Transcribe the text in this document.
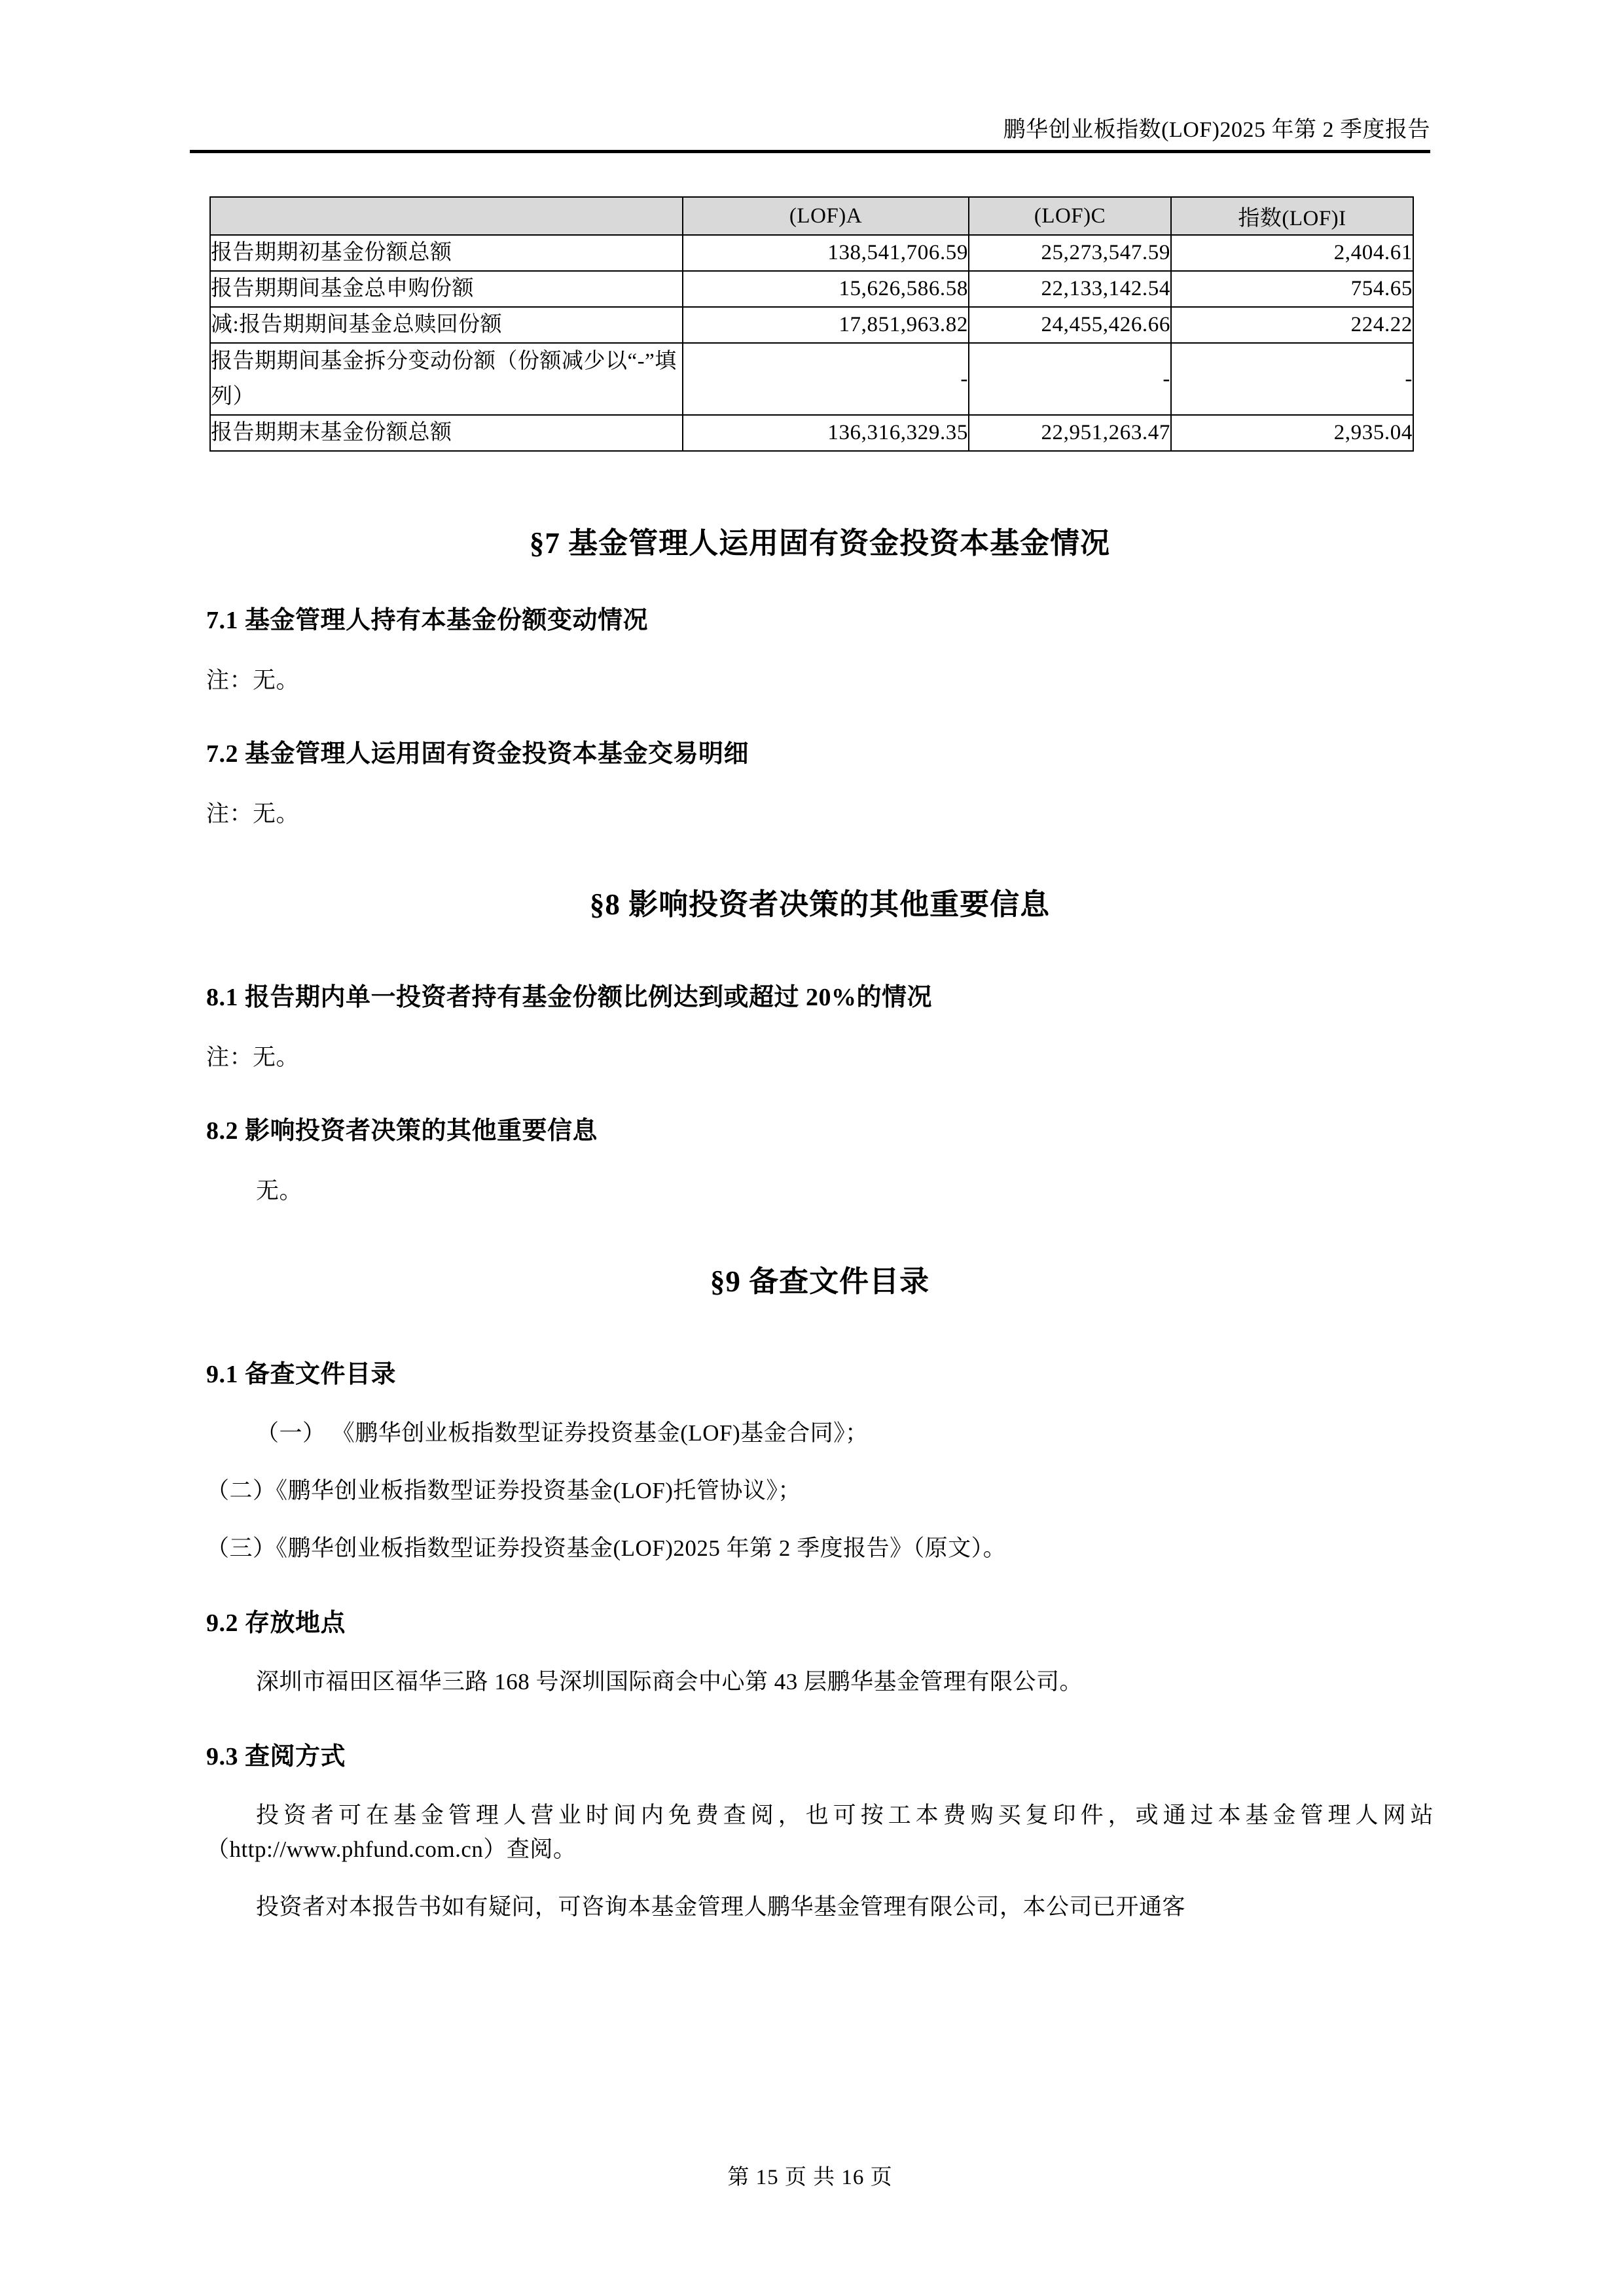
鹏华创业板指数(LOF)2025 年第 2 季度报告
	(LOF)A	(LOF)C	指数(LOF)I
报告期期初基金份额总额	138,541,706.59	25,273,547.59	2,404.61
报告期期间基金总申购份额	15,626,586.58	22,133,142.54	754.65
减:报告期期间基金总赎回份额	17,851,963.82	24,455,426.66	224.22
报告期期间基金拆分变动份额（份额减少以“-”填列）	-	-	-
报告期期末基金份额总额	136,316,329.35	22,951,263.47	2,935.04
§7 基金管理人运用固有资金投资本基金情况
7.1 基金管理人持有本基金份额变动情况

注：无。

7.2 基金管理人运用固有资金投资本基金交易明细

注：无。

§8 影响投资者决策的其他重要信息
8.1 报告期内单一投资者持有基金份额比例达到或超过 20%的情况

注：无。

8.2 影响投资者决策的其他重要信息

无。

§9 备查文件目录
9.1 备查文件目录

（一） 《鹏华创业板指数型证券投资基金(LOF)基金合同》；

（二）《鹏华创业板指数型证券投资基金(LOF)托管协议》；

（三）《鹏华创业板指数型证券投资基金(LOF)2025 年第 2 季度报告》（原文）。

9.2 存放地点

深圳市福田区福华三路 168 号深圳国际商会中心第 43 层鹏华基金管理有限公司。

9.3 查阅方式

投资者可在基金管理人营业时间内免费查阅，也可按工本费购买复印件，或通过本基金管理人网站（http://www.phfund.com.cn）查阅。

投资者对本报告书如有疑问，可咨询本基金管理人鹏华基金管理有限公司，本公司已开通客

第 15 页 共 16 页
